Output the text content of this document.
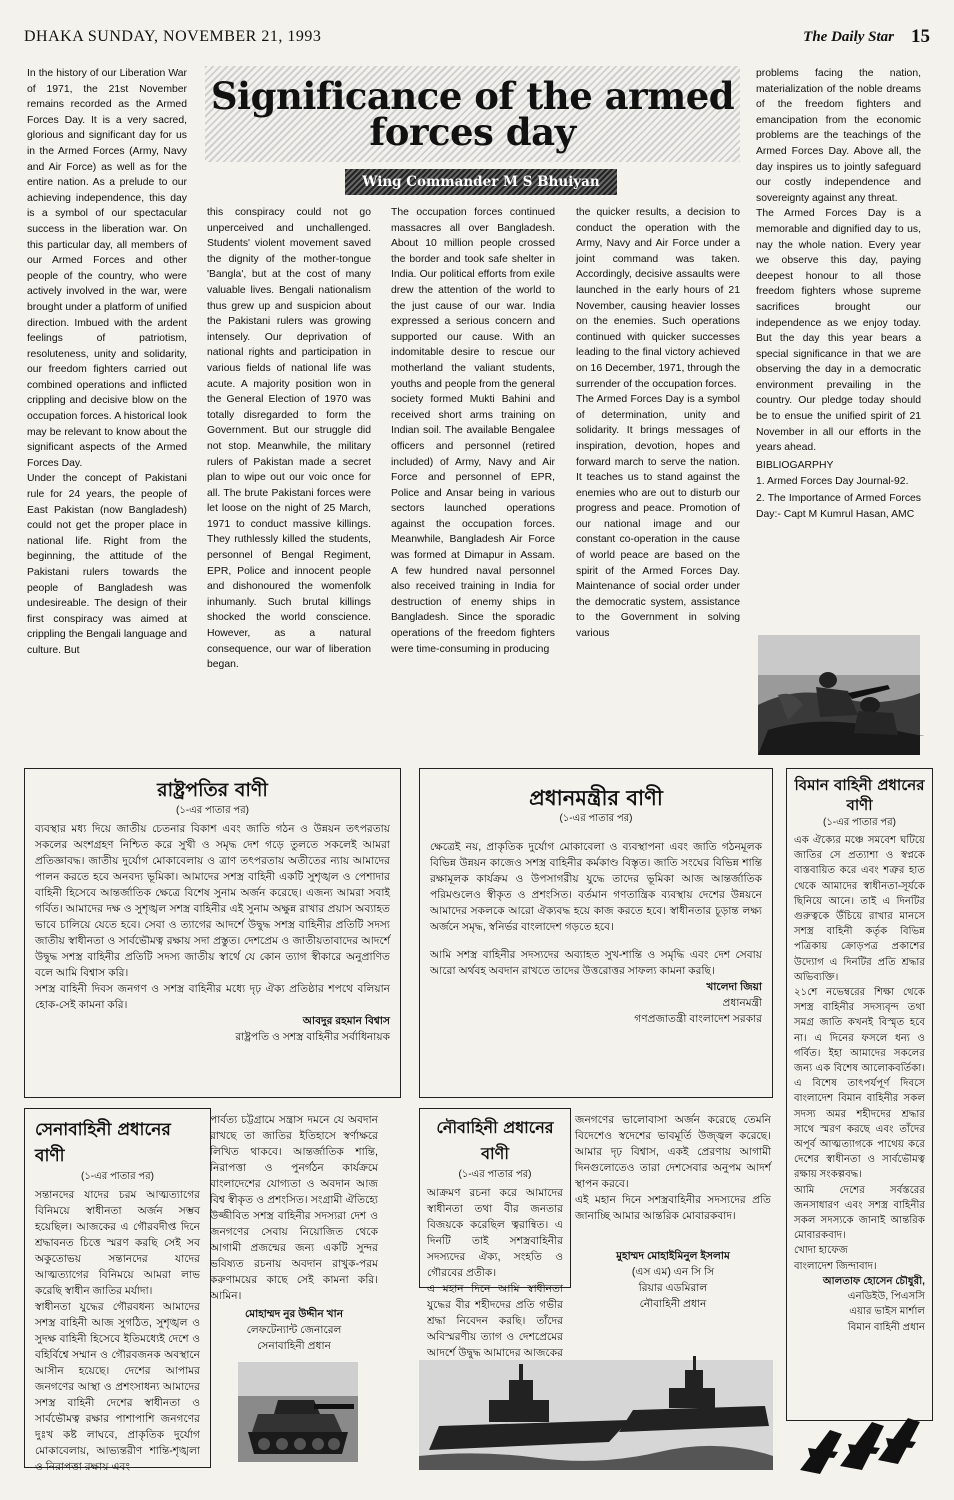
DHAKA SUNDAY, NOVEMBER 21, 1993	The Daily Star 15

In the history of our Liberation War of 1971, the 21st November remains recorded as the Armed Forces Day. It is a very sacred, glorious and significant day for us in the Armed Forces (Army, Navy and Air Force) as well as for the entire nation. As a prelude to our achieving independence, this day is a symbol of our spectacular success in the liberation war. On this particular day, all members of our Armed Forces and other people of the country, who were actively involved in the war, were brought under a platform of unified direction. Imbued with the ardent feelings of patriotism, resoluteness, unity and solidarity, our freedom fighters carried out combined operations and inflicted crippling and decisive blow on the occupation forces. A historical look may be relevant to know about the significant aspects of the Armed Forces Day.

Under the concept of Pakistani rule for 24 years, the people of East Pakistan (now Bangladesh) could not get the proper place in national life. Right from the beginning, the attitude of the Pakistani rulers towards the people of Bangladesh was undesireable. The design of their first conspiracy was aimed at crippling the Bengali language and culture. But

Significance of the armed forces day
Wing Commander M S Bhuiyan

this conspiracy could not go unperceived and unchallenged. Students' violent movement saved the dignity of the mother-tongue 'Bangla', but at the cost of many valuable lives. Bengali nationalism thus grew up and suspicion about the Pakistani rulers was growing intensely. Our deprivation of national rights and participation in various fields of national life was acute. A majority position won in the General Election of 1970 was totally disregarded to form the Government. But our struggle did not stop. Meanwhile, the military rulers of Pakistan made a secret plan to wipe out our voic once for all. The brute Pakistani forces were let loose on the night of 25 March, 1971 to conduct massive killings. They ruthlessly killed the students, personnel of Bengal Regiment, EPR, Police and innocent people and dishonoured the womenfolk inhumanly. Such brutal killings shocked the world conscience. However, as a natural consequence, our war of liberation began.

The occupation forces continued massacres all over Bangladesh. About 10 million people crossed the border and took safe shelter in India. Our political efforts from exile drew the attention of the world to the just cause of our war. India expressed a serious concern and supported our cause. With an indomitable desire to rescue our motherland the valiant students, youths and people from the general society formed Mukti Bahini and received short arms training on Indian soil. The available Bengalee officers and personnel (retired included) of Army, Navy and Air Force and personnel of EPR, Police and Ansar being in various sectors launched operations against the occupation forces. Meanwhile, Bangladesh Air Force was formed at Dimapur in Assam. A few hundred naval personnel also received training in India for destruction of enemy ships in Bangladesh. Since the sporadic operations of the freedom fighters were time-consuming in producing

the quicker results, a decision to conduct the operation with the Army, Navy and Air Force under a joint command was taken. Accordingly, decisive assaults were launched in the early hours of 21 November, causing heavier losses on the enemies. Such operations continued with quicker successes leading to the final victory achieved on 16 December, 1971, through the surrender of the occupation forces.

The Armed Forces Day is a symbol of determination, unity and solidarity. It brings messages of inspiration, devotion, hopes and forward march to serve the nation. It teaches us to stand against the enemies who are out to disturb our progress and peace. Promotion of our national image and our constant co-operation in the cause of world peace are based on the spirit of the Armed Forces Day. Maintenance of social order under the democratic system, assistance to the Government in solving various

problems facing the nation, materialization of the noble dreams of the freedom fighters and emancipation from the economic problems are the teachings of the Armed Forces Day. Above all, the day inspires us to jointly safeguard our costly independence and sovereignty against any threat.

The Armed Forces Day is a memorable and dignified day to us, nay the whole nation. Every year we observe this day, paying deepest honour to all those freedom fighters whose supreme sacrifices brought our independence as we enjoy today. But the day this year bears a special significance in that we are observing the day in a democratic environment prevailing in the country. Our pledge today should be to ensue the unified spirit of 21 November in all our efforts in the years ahead.

BIBLIOGARPHY

1. Armed Forces Day Journal-92.

2. The Importance of Armed Forces Day:- Capt M Kumrul Hasan, AMC

রাষ্ট্রপতির বাণী
(১-এর পাতার পর)
ব্যবস্থার মধ্য দিয়ে জাতীয় চেতনার বিকাশ এবং জাতি গঠন ও উন্নয়ন তৎপরতায় সকলের অংশগ্রহণ নিশ্চিত করে সুখী ও সমৃদ্ধ দেশ গড়ে তুলতে সকলেই আমরা প্রতিজ্ঞাবদ্ধ। জাতীয় দুর্যোগ মোকাবেলায় ও ত্রাণ তৎপরতায় অতীতের ন্যায় আমাদের পালন করতে হবে অনবদ্য ভূমিকা। আমাদের সশস্ত্র বাহিনী একটি সুশৃঙ্খল ও পেশাদার বাহিনী হিসেবে আন্তর্জাতিক ক্ষেত্রে বিশেষ সুনাম অর্জন করেছে। এজন্য আমরা সবাই গর্বিত। আমাদের দক্ষ ও সুশৃঙ্খল সশস্ত্র বাহিনীর এই সুনাম অক্ষুন্ন রাখার প্রয়াস অব্যাহত ভাবে চালিয়ে যেতে হবে। সেবা ও ত্যাগের আদর্শে উদ্বুদ্ধ সশস্ত্র বাহিনীর প্রতিটি সদস্য জাতীয় স্বাধীনতা ও সার্বভৌমত্ব রক্ষায় সদা প্রস্তুত। দেশপ্রেম ও জাতীয়তাবাদের আদর্শে উদ্বুদ্ধ সশস্ত্র বাহিনীর প্রতিটি সদস্য জাতীয় স্বার্থে যে কোন ত্যাগ স্বীকারে অনুপ্রাণিত বলে আমি বিশ্বাস করি।
সশস্ত্র বাহিনী দিবস জনগণ ও সশস্ত্র বাহিনীর মধ্যে দৃঢ় ঐক্য প্রতিষ্ঠার শপথে বলিয়ান হোক-সেই কামনা করি।
আবদুর রহমান বিশ্বাস
রাষ্ট্রপতি ও সশস্ত্র বাহিনীর সর্বাধিনায়ক
প্রধানমন্ত্রীর বাণী
(১-এর পাতার পর)
ক্ষেত্রেই নয়, প্রাকৃতিক দুর্যোগ মোকাবেলা ও ব্যবস্থাপনা এবং জাতি গঠনমূলক বিভিন্ন উন্নয়ন কাজেও সশস্ত্র বাহিনীর কর্মকাণ্ড বিস্তৃত। জাতি সংঘের বিভিন্ন শান্তি রক্ষামূলক কার্যক্রম ও উপসাগরীয় যুদ্ধে তাদের ভূমিকা আজ আন্তর্জাতিক পরিমণ্ডলেও স্বীকৃত ও প্রশংসিত। বর্তমান গণতান্ত্রিক ব্যবস্থায় দেশের উন্নয়নে আমাদের সকলকে আরো ঐক্যবদ্ধ হয়ে কাজ করতে হবে। স্বাধীনতার চূড়ান্ত লক্ষ্য অর্জনে সমৃদ্ধ, স্বনির্ভর বাংলাদেশ গড়তে হবে।
আমি সশস্ত্র বাহিনীর সদস্যদের অব্যাহত সুখ-শান্তি ও সমৃদ্ধি এবং দেশ সেবায় আরো অর্থবহ অবদান রাখতে তাদের উত্তরোত্তর সাফল্য কামনা করছি।
খালেদা জিয়া
প্রধানমন্ত্রী
গণপ্রজাতন্ত্রী বাংলাদেশ সরকার
বিমান বাহিনী প্রধানের বাণী
(১-এর পাতার পর)
এক ঐক্যের মঞ্চে সমবেশ ঘটিয়ে জাতির সে প্রত্যাশা ও স্বপ্নকে বাস্তবায়িত করে এবং শত্রুর হাত থেকে আমাদের স্বাধীনতা-সূর্যকে ছিনিয়ে আনে। তাই এ দিনটির গুরুত্বকে উঁচিয়ে রাখার মানসে সশস্ত্র বাহিনী কর্তৃক বিভিন্ন পত্রিকায় ক্রোড়পত্র প্রকাশের উদ্যোগ এ দিনটির প্রতি শ্রদ্ধার অভিব্যক্তি।
২১শে নভেম্বরের শিক্ষা থেকে সশস্ত্র বাহিনীর সদস্যবৃন্দ তথা সমগ্র জাতি কখনই বিস্মৃত হবে না। এ দিনের ফসলে ধন্য ও গর্বিত। ইহা আমাদের সকলের জন্য এক বিশেষ আলোকবর্তিকা। এ বিশেষ তাৎপর্যপূর্ণ দিবসে বাংলাদেশ বিমান বাহিনীর সকল সদস্য অমর শহীদদের শ্রদ্ধার সাথে স্মরণ করছে এবং তাঁদের অপূর্ব আত্মত্যাগকে পাথেয় করে দেশের স্বাধীনতা ও সার্বভৌমত্ব রক্ষায় সংকল্পবদ্ধ।
আমি দেশের সর্বস্তরের জনসাধারণ এবং সশস্ত্র বাহিনীর সকল সদস্যকে জানাই আন্তরিক মোবারকবাদ।
খোদা হাফেজ
বাংলাদেশ জিন্দাবাদ।
আলতাফ হোসেন চৌধুরী,
এনডিইউ, পিএসসি
এয়ার ভাইস মার্শাল
বিমান বাহিনী প্রধান
সেনাবাহিনী প্রধানের বাণী
(১-এর পাতার পর)
সন্তানদের যাদের চরম আত্মত্যাগের বিনিময়ে স্বাধীনতা অর্জন সম্ভব হয়েছিল। আজকের এ গৌরবদীপ্ত দিনে শ্রদ্ধাবনত চিত্তে স্মরণ করছি সেই সব অকুতোভয় সন্তানদের যাদের আত্মত্যাগের বিনিময়ে আমরা লাভ করেছি স্বাধীন জাতির মর্যাদা।
স্বাধীনতা যুদ্ধের গৌরবধন্য আমাদের সশস্ত্র বাহিনী আজ সুগঠিত, সুশৃঙ্খল ও সুদক্ষ বাহিনী হিসেবে ইতিমধ্যেই দেশে ও বহির্বিশ্বে সম্মান ও গৌরবজনক অবস্থানে আসীন হয়েছে। দেশের আপামর জনগণের আস্থা ও প্রশংসাধন্য আমাদের সশস্ত্র বাহিনী দেশের স্বাধীনতা ও সার্বভৌমত্ব রক্ষার পাশাপাশি জনগণের দুঃখ কষ্ট লাঘবে, প্রাকৃতিক দুর্যোগ মোকাবেলায়, আভ্যন্তরীণ শান্তি-শৃঙ্খলা ও নিরাপত্তা রক্ষায় এবং
পার্বত্য চট্টগ্রামে সন্ত্রাস দমনে যে অবদান রাখছে তা জাতির ইতিহাসে স্বর্ণাক্ষরে লিখিত থাকবে। আন্তর্জাতিক শান্তি, নিরাপত্তা ও পুনর্গঠন কার্যক্রমে বাংলাদেশের যোগ্যতা ও অবদান আজ বিশ্ব স্বীকৃত ও প্রশংসিত। সংগ্রামী ঐতিহ্যে উজ্জীবিত সশস্ত্র বাহিনীর সদস্যরা দেশ ও জনগণের সেবায় নিয়োজিত থেকে আগামী প্রজন্মের জন্য একটি সুন্দর ভবিষ্যত রচনায় অবদান রাখুক-পরম করুণাময়ের কাছে সেই কামনা করি। আমিন।
মোহাম্মদ নুর উদ্দীন খান
লেফটেন্যান্ট জেনারেল
সেনাবাহিনী প্রধান
নৌবাহিনী প্রধানের বাণী
(১-এর পাতার পর)
আক্রমণ রচনা করে আমাদের স্বাধীনতা তথা বীর জনতার বিজয়কে করেছিল ত্বরান্বিত। এ দিনটি তাই সশস্ত্রবাহিনীর সদস্যদের ঐক্য, সংহতি ও গৌরবের প্রতীক।
এ মহান দিনে আমি স্বাধীনতা যুদ্ধের বীর শহীদদের প্রতি গভীর শ্রদ্ধা নিবেদন করছি। তাঁদের অবিস্মরণীয় ত্যাগ ও দেশপ্রেমের আদর্শে উদ্বুদ্ধ আমাদের আজকের
জনগণের ভালোবাসা অর্জন করেছে তেমনি বিদেশেও স্বদেশের ভাবমূর্তি উজ্জ্বল করেছে। আমার দৃঢ় বিশ্বাস, একই প্রেরণায় আগামী দিনগুলোতেও তারা দেশসেবার অনুপম আদর্শ স্থাপন করবে।
এই মহান দিনে সশস্ত্রবাহিনীর সদস্যদের প্রতি জানাচ্ছি আমার আন্তরিক মোবারকবাদ।
মুহাম্মদ মোহাইমিনুল ইসলাম
(এস এম) এন সি সি
রিয়ার এডমিরাল
নৌবাহিনী প্রধান
